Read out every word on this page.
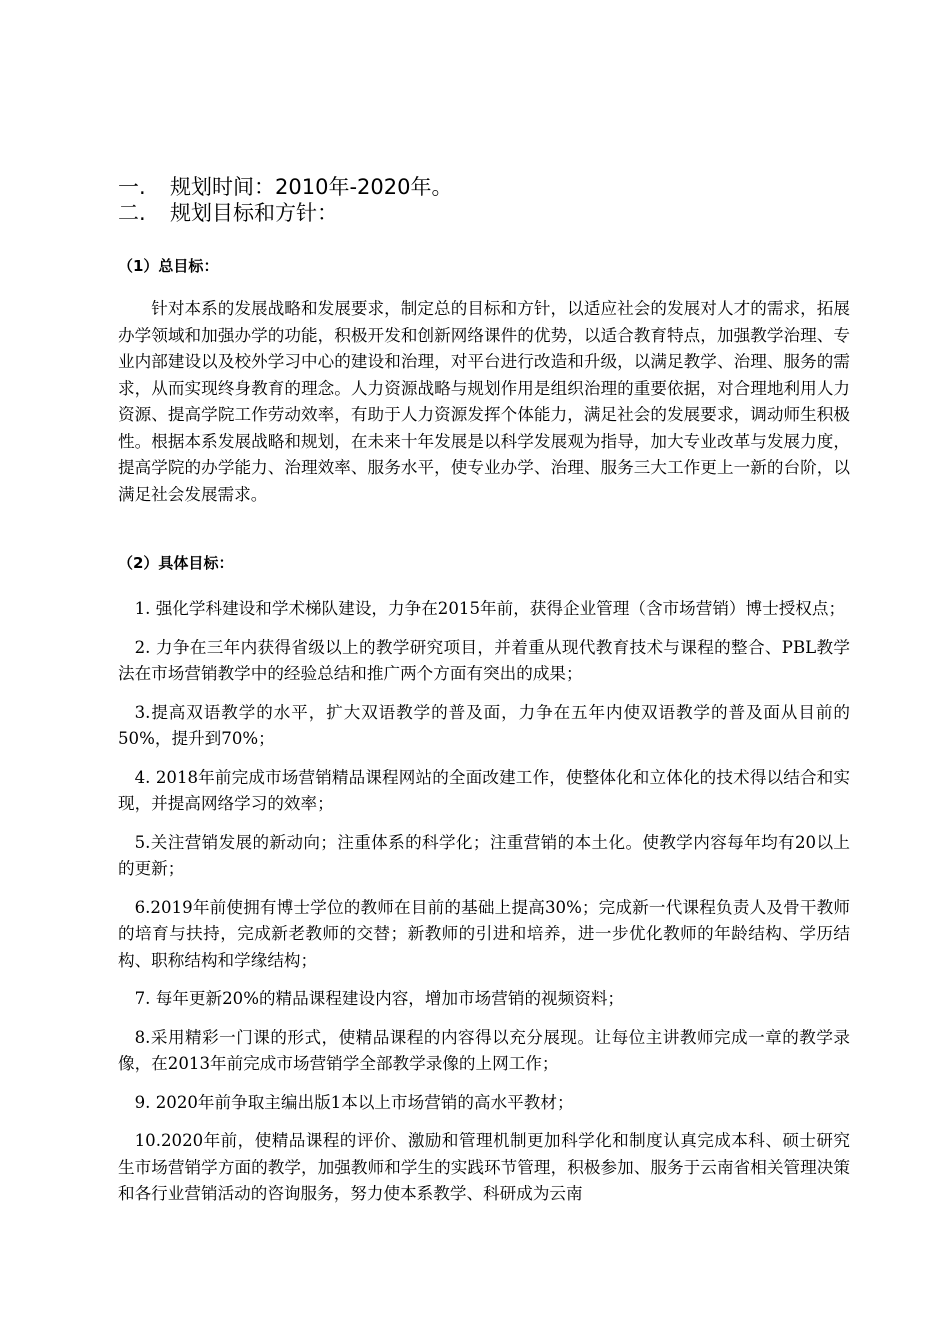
一. 规划时间：2010年-2020年。
二. 规划目标和方针：
（1）总目标：

针对本系的发展战略和发展要求，制定总的目标和方针，以适应社会的发展对人才的需求，拓展办学领域和加强办学的功能，积极开发和创新网络课件的优势，以适合教育特点，加强教学治理、专业内部建设以及校外学习中心的建设和治理，对平台进行改造和升级，以满足教学、治理、服务的需求，从而实现终身教育的理念。人力资源战略与规划作用是组织治理的重要依据，对合理地利用人力资源、提高学院工作劳动效率，有助于人力资源发挥个体能力，满足社会的发展要求，调动师生积极性。根据本系发展战略和规划，在未来十年发展是以科学发展观为指导，加大专业改革与发展力度，提高学院的办学能力、治理效率、服务水平，使专业办学、治理、服务三大工作更上一新的台阶，以满足社会发展需求。

（2）具体目标：

1. 强化学科建设和学术梯队建设，力争在2015年前，获得企业管理（含市场营销）博士授权点；

2. 力争在三年内获得省级以上的教学研究项目，并着重从现代教育技术与课程的整合、PBL教学法在市场营销教学中的经验总结和推广两个方面有突出的成果；

3.提高双语教学的水平，扩大双语教学的普及面，力争在五年内使双语教学的普及面从目前的50%，提升到70%；

4. 2018年前完成市场营销精品课程网站的全面改建工作，使整体化和立体化的技术得以结合和实现，并提高网络学习的效率；

5.关注营销发展的新动向；注重体系的科学化；注重营销的本土化。使教学内容每年均有20以上的更新；

6.2019年前使拥有博士学位的教师在目前的基础上提高30%；完成新一代课程负责人及骨干教师的培育与扶持，完成新老教师的交替；新教师的引进和培养，进一步优化教师的年龄结构、学历结构、职称结构和学缘结构；

7. 每年更新20%的精品课程建设内容，增加市场营销的视频资料；

8.采用精彩一门课的形式，使精品课程的内容得以充分展现。让每位主讲教师完成一章的教学录像，在2013年前完成市场营销学全部教学录像的上网工作；

9. 2020年前争取主编出版1本以上市场营销的高水平教材；

10.2020年前，使精品课程的评价、激励和管理机制更加科学化和制度认真完成本科、硕士研究生市场营销学方面的教学，加强教师和学生的实践环节管理，积极参加、服务于云南省相关管理决策和各行业营销活动的咨询服务，努力使本系教学、科研成为云南
